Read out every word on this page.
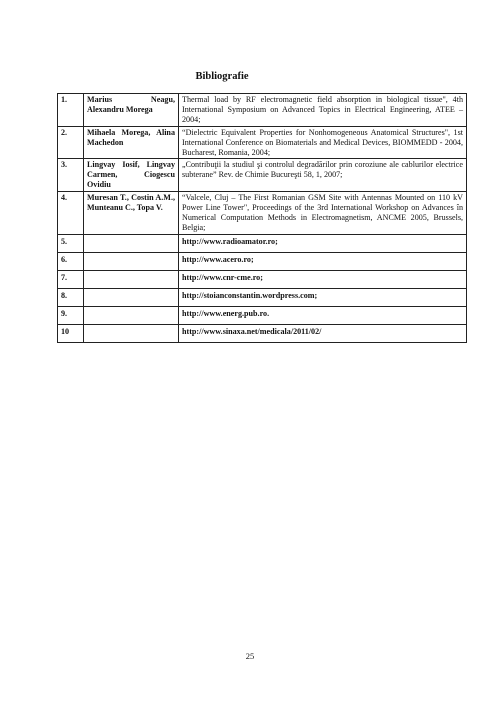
Bibliografie
1.	Marius Neagu, Alexandru Morega	Thermal load by RF electromagnetic field absorption in biological tissue", 4th International Symposium on Advanced Topics in Electrical Engineering, ATEE – 2004;
2.	Mihaela Morega, Alina Machedon	“Dielectric Equivalent Properties for Nonhomogeneous Anatomical Structures", 1st International Conference on Biomaterials and Medical Devices, BIOMMEDD - 2004, Bucharest, Romania, 2004;
3.	Lingvay Iosif, Lingvay Carmen, Ciogescu Ovidiu	„Contribuţii la studiul şi controlul degradărilor prin coroziune ale cablurilor electrice subterane” Rev. de Chimie Bucureşti 58, 1, 2007;
4.	Muresan T., Costin A.M., Munteanu C., Topa V.	“Valcele, Cluj – The First Romanian GSM Site with Antennas Mounted on 110 kV Power Line Tower", Proceedings of the 3rd International Workshop on Advances în Numerical Computation Methods in Electromagnetism, ANCME 2005, Brussels, Belgia;
5.		http://www.radioamator.ro;
6.		http://www.acero.ro;
7.		http://www.cnr-cme.ro;
8.		http://stoianconstantin.wordpress.com;
9.		http://www.energ.pub.ro.
10		http://www.sinaxa.net/medicala/2011/02/
25
